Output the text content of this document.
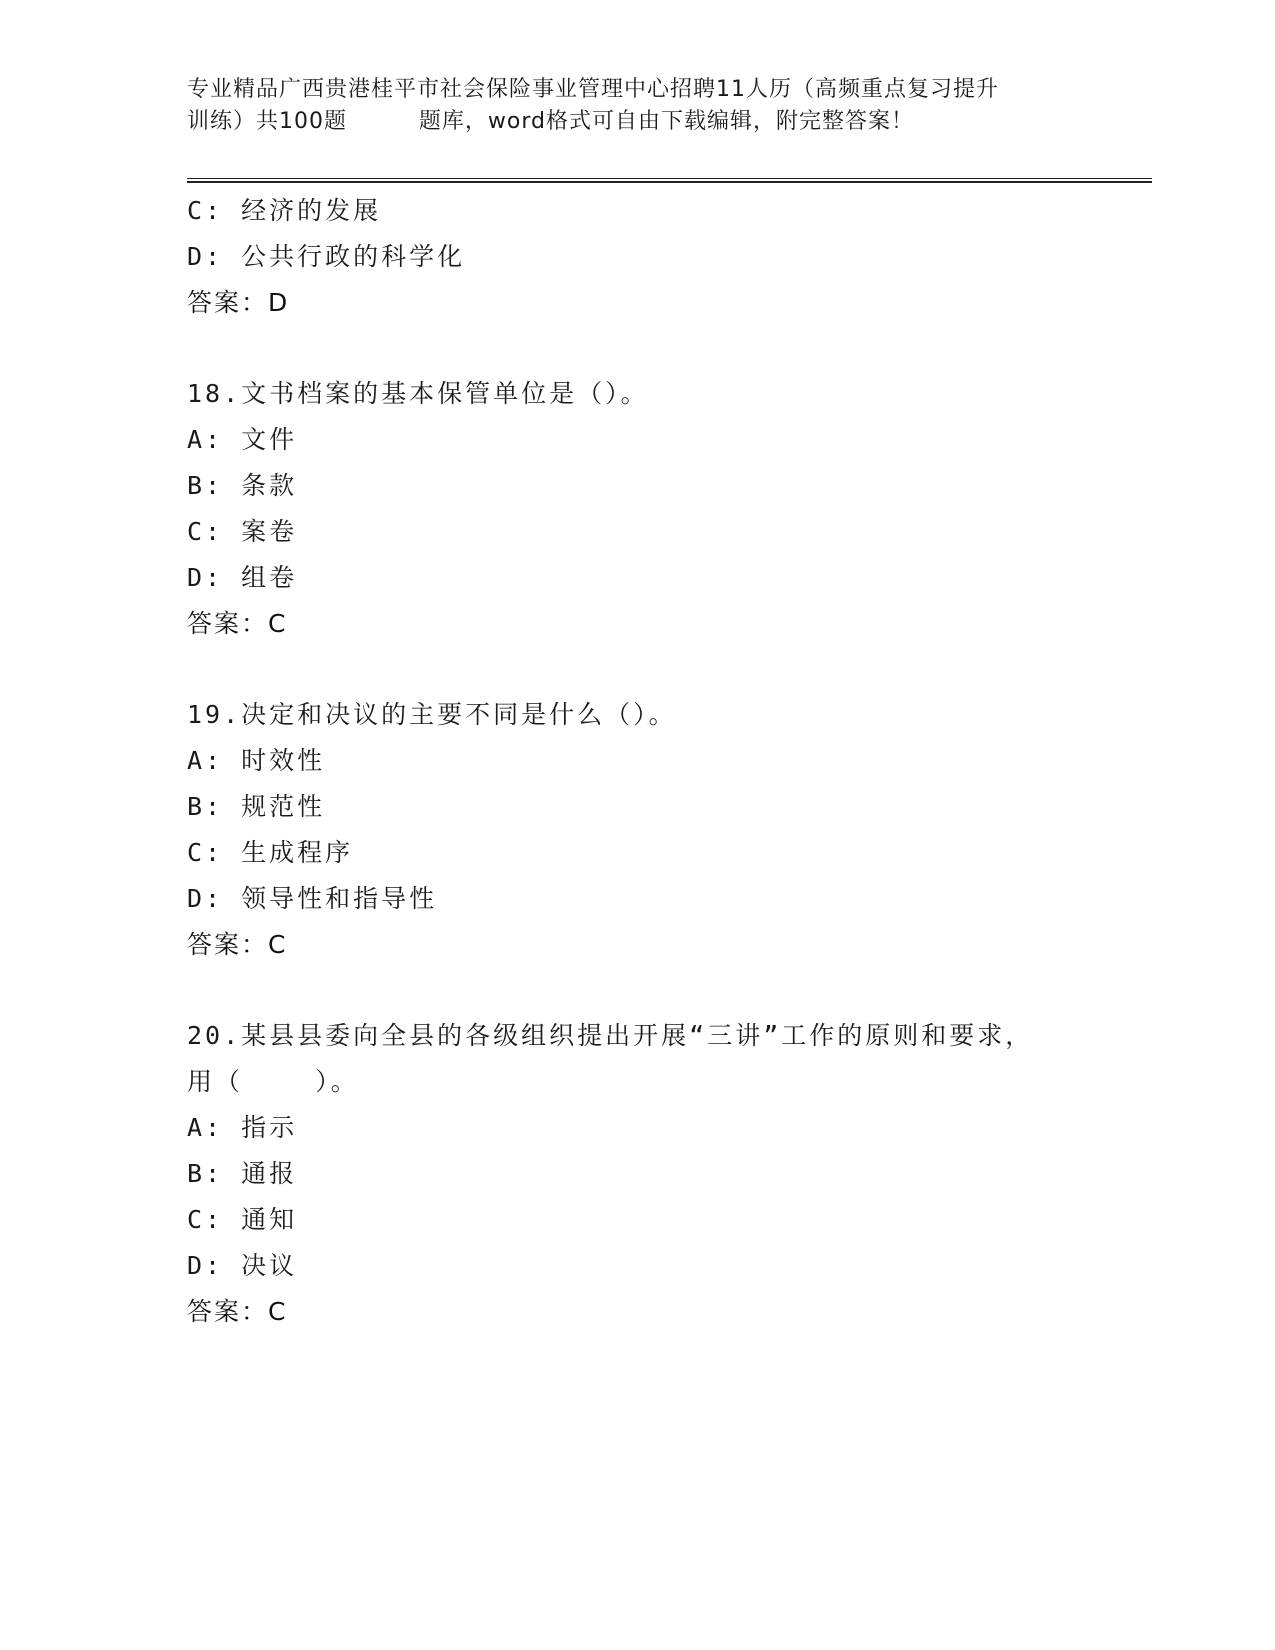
专业精品广西贵港桂平市社会保险事业管理中心招聘11人历（高频重点复习提升
训练）共100题         题库，word格式可自由下载编辑，附完整答案！
C: 经济的发展
D: 公共行政的科学化
答案：D
18.文书档案的基本保管单位是（）。
A: 文件
B: 条款
C: 案卷
D: 组卷
答案：C
19.决定和决议的主要不同是什么（）。
A: 时效性
B: 规范性
C: 生成程序
D: 领导性和指导性
答案：C
20.某县县委向全县的各级组织提出开展“三讲”工作的原则和要求，
用（    ）。
A: 指示
B: 通报
C: 通知
D: 决议
答案：C
